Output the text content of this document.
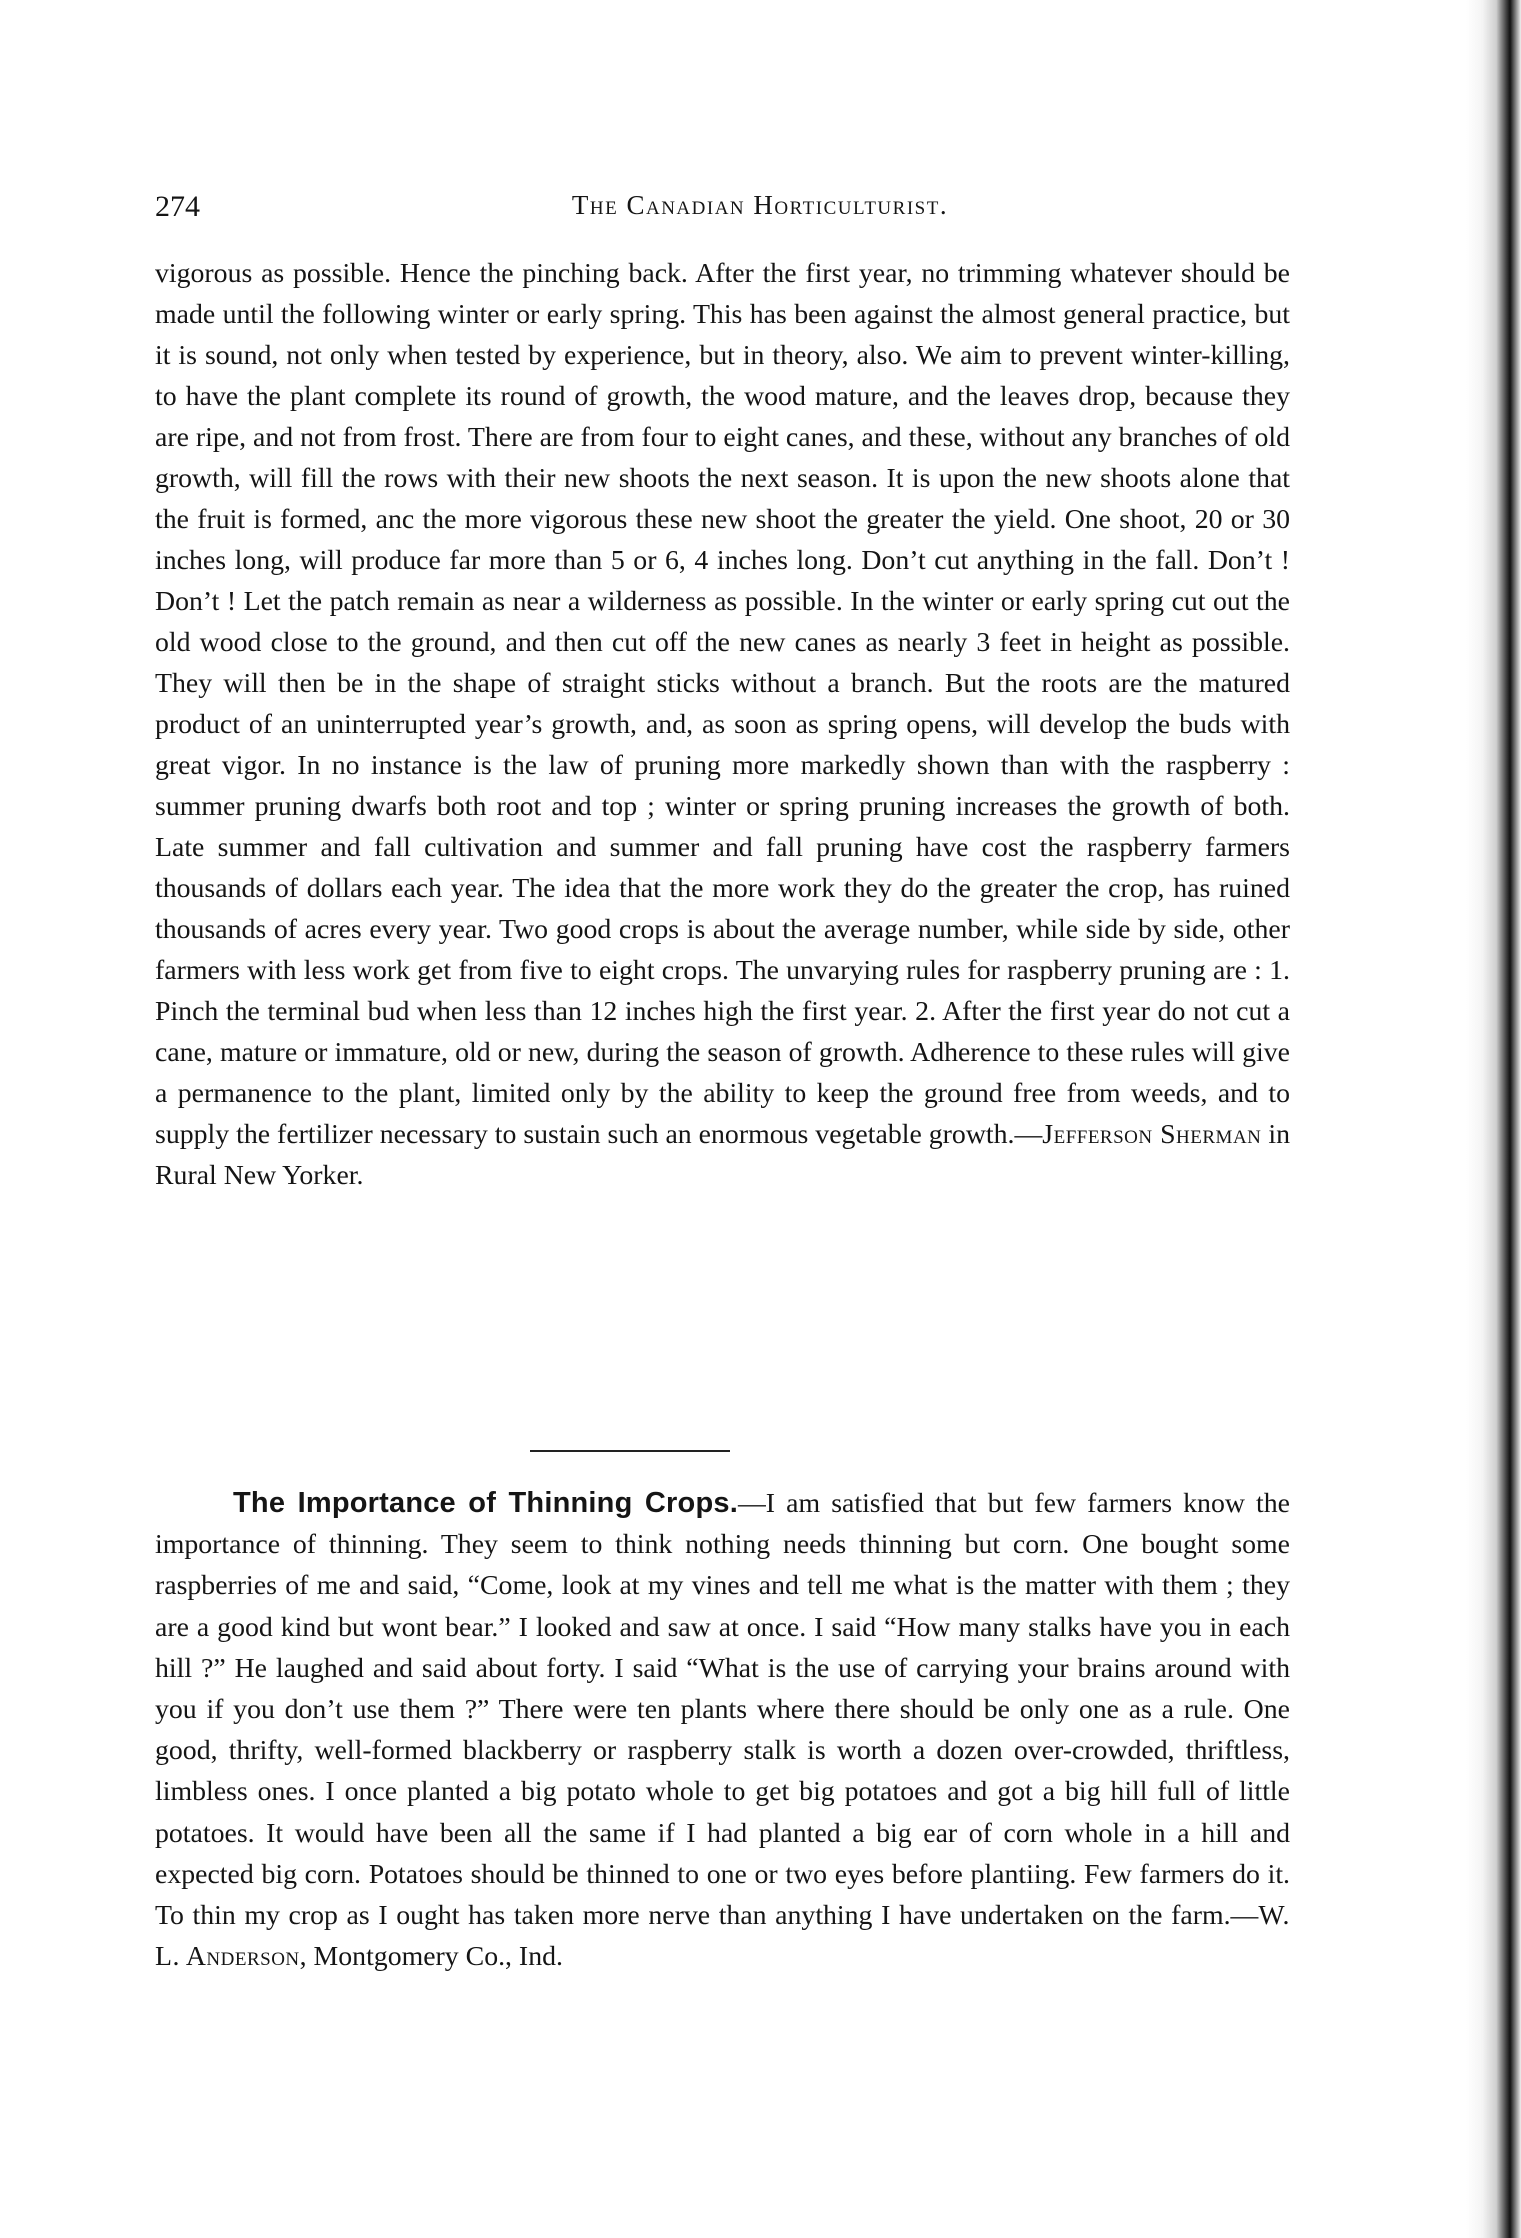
274	The Canadian Horticulturist.

vigorous as possible. Hence the pinching back. After the first year, no trimming whatever should be made until the following winter or early spring. This has been against the almost general practice, but it is sound, not only when tested by experience, but in theory, also. We aim to prevent winter-killing, to have the plant complete its round of growth, the wood mature, and the leaves drop, because they are ripe, and not from frost. There are from four to eight canes, and these, without any branches of old growth, will fill the rows with their new shoots the next season. It is upon the new shoots alone that the fruit is formed, anc the more vigorous these new shoot the greater the yield. One shoot, 20 or 30 inches long, will produce far more than 5 or 6, 4 inches long. Don’t cut anything in the fall. Don’t ! Don’t ! Let the patch remain as near a wilderness as possible. In the winter or early spring cut out the old wood close to the ground, and then cut off the new canes as nearly 3 feet in height as possible. They will then be in the shape of straight sticks without a branch. But the roots are the matured product of an uninterrupted year’s growth, and, as soon as spring opens, will develop the buds with great vigor. In no instance is the law of pruning more markedly shown than with the raspberry : summer pruning dwarfs both root and top ; winter or spring pruning increases the growth of both. Late summer and fall cultivation and summer and fall pruning have cost the raspberry farmers thousands of dollars each year. The idea that the more work they do the greater the crop, has ruined thousands of acres every year. Two good crops is about the average number, while side by side, other farmers with less work get from five to eight crops. The unvarying rules for raspberry pruning are : 1. Pinch the terminal bud when less than 12 inches high the first year. 2. After the first year do not cut a cane, mature or immature, old or new, during the season of growth. Adherence to these rules will give a permanence to the plant, limited only by the ability to keep the ground free from weeds, and to supply the fertilizer necessary to sustain such an enormous vegetable growth.—Jefferson Sherman in Rural New Yorker.

The Importance of Thinning Crops.—I am satisfied that but few farmers know the importance of thinning. They seem to think nothing needs thinning but corn. One bought some raspberries of me and said, “Come, look at my vines and tell me what is the matter with them ; they are a good kind but wont bear.” I looked and saw at once. I said “How many stalks have you in each hill ?” He laughed and said about forty. I said “What is the use of carrying your brains around with you if you don’t use them ?” There were ten plants where there should be only one as a rule. One good, thrifty, well-formed blackberry or raspberry stalk is worth a dozen over-crowded, thriftless, limbless ones. I once planted a big potato whole to get big potatoes and got a big hill full of little potatoes. It would have been all the same if I had planted a big ear of corn whole in a hill and expected big corn. Potatoes should be thinned to one or two eyes before plantiing. Few farmers do it. To thin my crop as I ought has taken more nerve than anything I have undertaken on the farm.—W. L. Anderson, Montgomery Co., Ind.
